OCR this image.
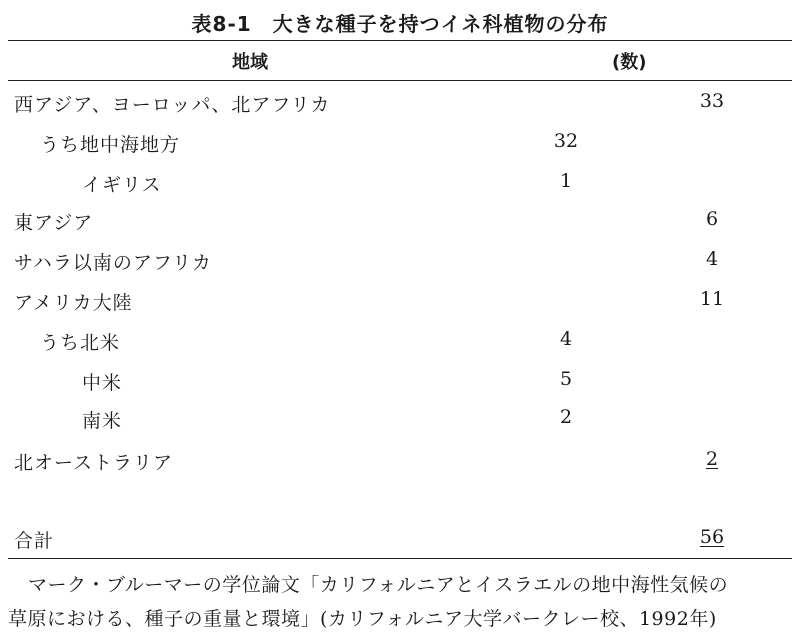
表8-1　大きな種子を持つイネ科植物の分布
地域	(数)
西アジア、ヨーロッパ、北アフリカ	33
うち地中海地方	32
イギリス	1
東アジア	6
サハラ以南のアフリカ	4
アメリカ大陸	11
うち北米	4
中米	5
南米	2
北オーストラリア	2
合計	56
マーク・ブルーマーの学位論文「カリフォルニアとイスラエルの地中海性気候の
草原における、種子の重量と環境」(カリフォルニア大学バークレー校、1992年)
